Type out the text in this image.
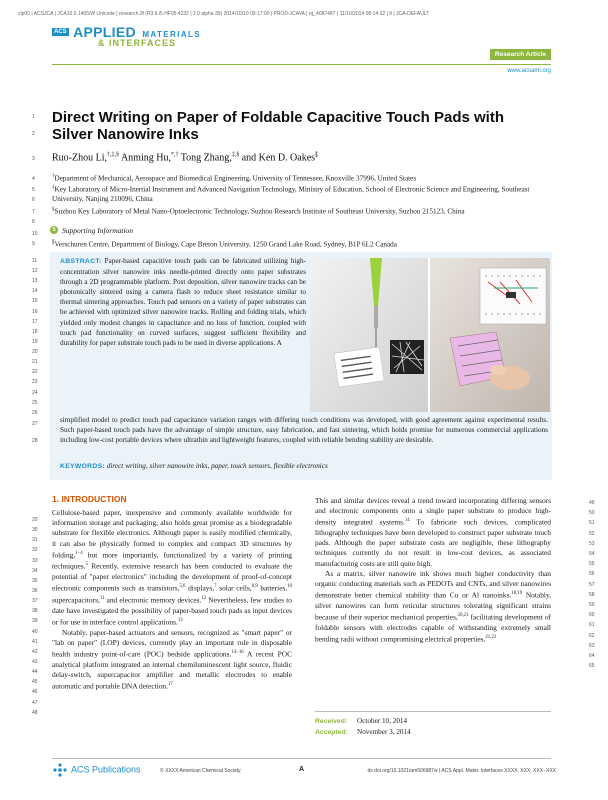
clp00 | ACSJCA | JCA10.0.1465/W Unicode | research.3f (R3.6.i5 HF05:4232 | 2.0 alpha 39) 2014/10/10 09:17:00 | PROD-JCAVA | rq_4087487 | 11/10/2014 08:14:32 | 9 | JCA-DEFAULT
ACS APPLIED MATERIALS
& INTERFACES
Research Article
www.acsami.org
1
2
3
4
5
6
7
8
9
10
11
12
13
14
15
16
17
18
19
20
21
22
23
24
25
26
27
28
29
30
31
32
33
34
35
36
37
38
39
40
41
42
43
44
45
46
47
48
49
50
51
52
53
54
55
56
57
58
59
60
61
62
63
64
65
Direct Writing on Paper of Foldable Capacitive Touch Pads with
Silver Nanowire Inks
Ruo-Zhou Li,†,‡,§ Anming Hu,*,† Tong Zhang,‡,§ and Ken D. Oakes∥
†Department of Mechanical, Aerospace and Biomedical Engineering, University of Tennessee, Knoxville 37996, United States
‡Key Laboratory of Micro-Inertial Instrument and Advanced Navigation Technology, Ministry of Education, School of Electronic Science and Engineering, Southeast University, Nanjing 210096, China
§Suzhou Key Laboratory of Metal Nano-Optoelectronic Technology, Suzhou Research Institute of Southeast University, Suzhou 215123, China
∥Verschuren Centre, Department of Biology, Cape Breton University, 1250 Grand Lake Road, Sydney, B1P 6L2 Canada
S Supporting Information
ABSTRACT: Paper-based capacitive touch pads can be fabricated utilizing high-concentration silver nanowire inks needle-printed directly onto paper substrates through a 2D programmable platform. Post deposition, silver nanowire tracks can be photonically sintered using a camera flash to reduce sheet resistance similar to thermal sintering approaches. Touch pad sensors on a variety of paper substrates can be achieved with optimized silver nanowire tracks. Rolling and folding trials, which yielded only modest changes in capacitance and no loss of function, coupled with touch pad functionality on curved surfaces, suggest sufficient flexibility and durability for paper substrate touch pads to be used in diverse applications. A
simplified model to predict touch pad capacitance variation ranges with differing touch conditions was developed, with good agreement against experimental results. Such paper-based touch pads have the advantage of simple structure, easy fabrication, and fast sintering, which holds promise for numerous commercial applications including low-cost portable devices where ultrathin and lightweight features, coupled with reliable bending stability are desirable.
KEYWORDS: direct writing, silver nanowire inks, paper, touch sensors, flexible electronics
1. INTRODUCTION

Cellulose-based paper, inexpensive and commonly available worldwide for information storage and packaging, also holds great promise as a biodegradable substrate for flexible electronics. Although paper is easily modified chemically, it can also be physically formed to complex and compact 3D structures by folding,$^{1-4}$ but more importantly, functionalized by a variety of printing techniques.$^5$ Recently, extensive research has been conducted to evaluate the potential of "paper electronics" including the development of proof-of-concept electronic components such as transistors,$^{5,6}$ displays,$^7$ solar cells,$^{8,9}$ batteries,$^{10}$ supercapacitors,$^{11}$ and electronic memory devices.$^{12}$ Nevertheless, few studies to date have investigated the possibility of paper-based touch pads as input devices or for use in interface control applications.$^{13}$

Notably, paper-based actuators and sensors, recognized as "smart paper" or "lab on paper" (LOP) devices, currently play an important role in disposable health industry point-of-care (POC) bedside applications.$^{14-16}$ A recent POC analytical platform integrated an internal chemiluminescent light source, fluidic delay-switch, supercapacitor amplifier and metallic electrodes to enable automatic and portable DNA detection.$^{17}$

This and similar devices reveal a trend toward incorporating differing sensors and electronic components onto a single paper substrate to produce high-density integrated systems.$^{14}$ To fabricate such devices, complicated lithography techniques have been developed to construct paper substrate touch pads. Although the paper substrate costs are negligible, these lithography techniques currently do not result in low-cost devices, as associated manufacturing costs are still quite high.

As a matrix, silver nanowire ink shows much higher conductivity than organic conducting materials such as PEDOTs and CNTs, and silver nanowires demonstrate better chemical stability than Cu or Al nanoinks.$^{18,19}$ Notably, silver nanowires can form reticular structures tolerating significant strains because of their superior mechanical properties,$^{20,21}$ facilitating development of foldable sensors with electrodes capable of withstanding extremely small bending radii without compromising electrical properties.$^{21,22}$

Received: October 10, 2014
Accepted: November 3, 2014
ACS Publications	© XXXX American Chemical Society	A	dx.doi.org/10.1021/am506987w | ACS Appl. Mater. Interfaces XXXX, XXX, XXX−XXX
